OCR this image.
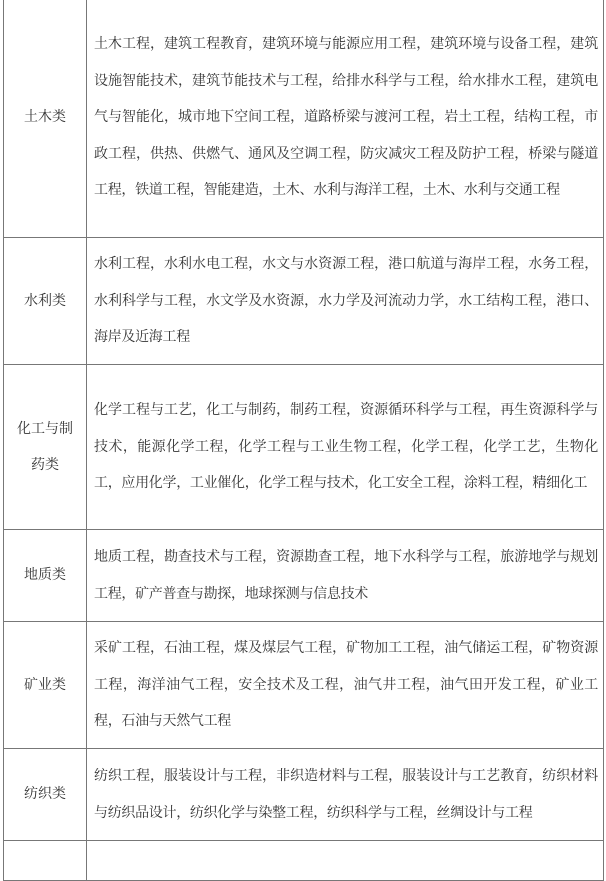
土木类	土木工程，建筑工程教育，建筑环境与能源应用工程，建筑环境与设备工程，建筑设施智能技术，建筑节能技术与工程，给排水科学与工程，给水排水工程，建筑电气与智能化，城市地下空间工程，道路桥梁与渡河工程，岩土工程，结构工程，市政工程，供热、供燃气、通风及空调工程，防灾减灾工程及防护工程，桥梁与隧道工程，铁道工程，智能建造，土木、水利与海洋工程，土木、水利与交通工程
水利类	水利工程，水利水电工程，水文与水资源工程，港口航道与海岸工程，水务工程，水利科学与工程，水文学及水资源，水力学及河流动力学，水工结构工程，港口、海岸及近海工程
化工与制药类	化学工程与工艺，化工与制药，制药工程，资源循环科学与工程，再生资源科学与技术，能源化学工程，化学工程与工业生物工程，化学工程，化学工艺，生物化工，应用化学，工业催化，化学工程与技术，化工安全工程，涂料工程，精细化工
地质类	地质工程，勘查技术与工程，资源勘查工程，地下水科学与工程，旅游地学与规划工程，矿产普查与勘探，地球探测与信息技术
矿业类	采矿工程，石油工程，煤及煤层气工程，矿物加工工程，油气储运工程，矿物资源工程，海洋油气工程，安全技术及工程，油气井工程，油气田开发工程，矿业工程，石油与天然气工程
纺织类	纺织工程，服装设计与工程，非织造材料与工程，服装设计与工艺教育，纺织材料与纺织品设计，纺织化学与染整工程，纺织科学与工程，丝绸设计与工程
